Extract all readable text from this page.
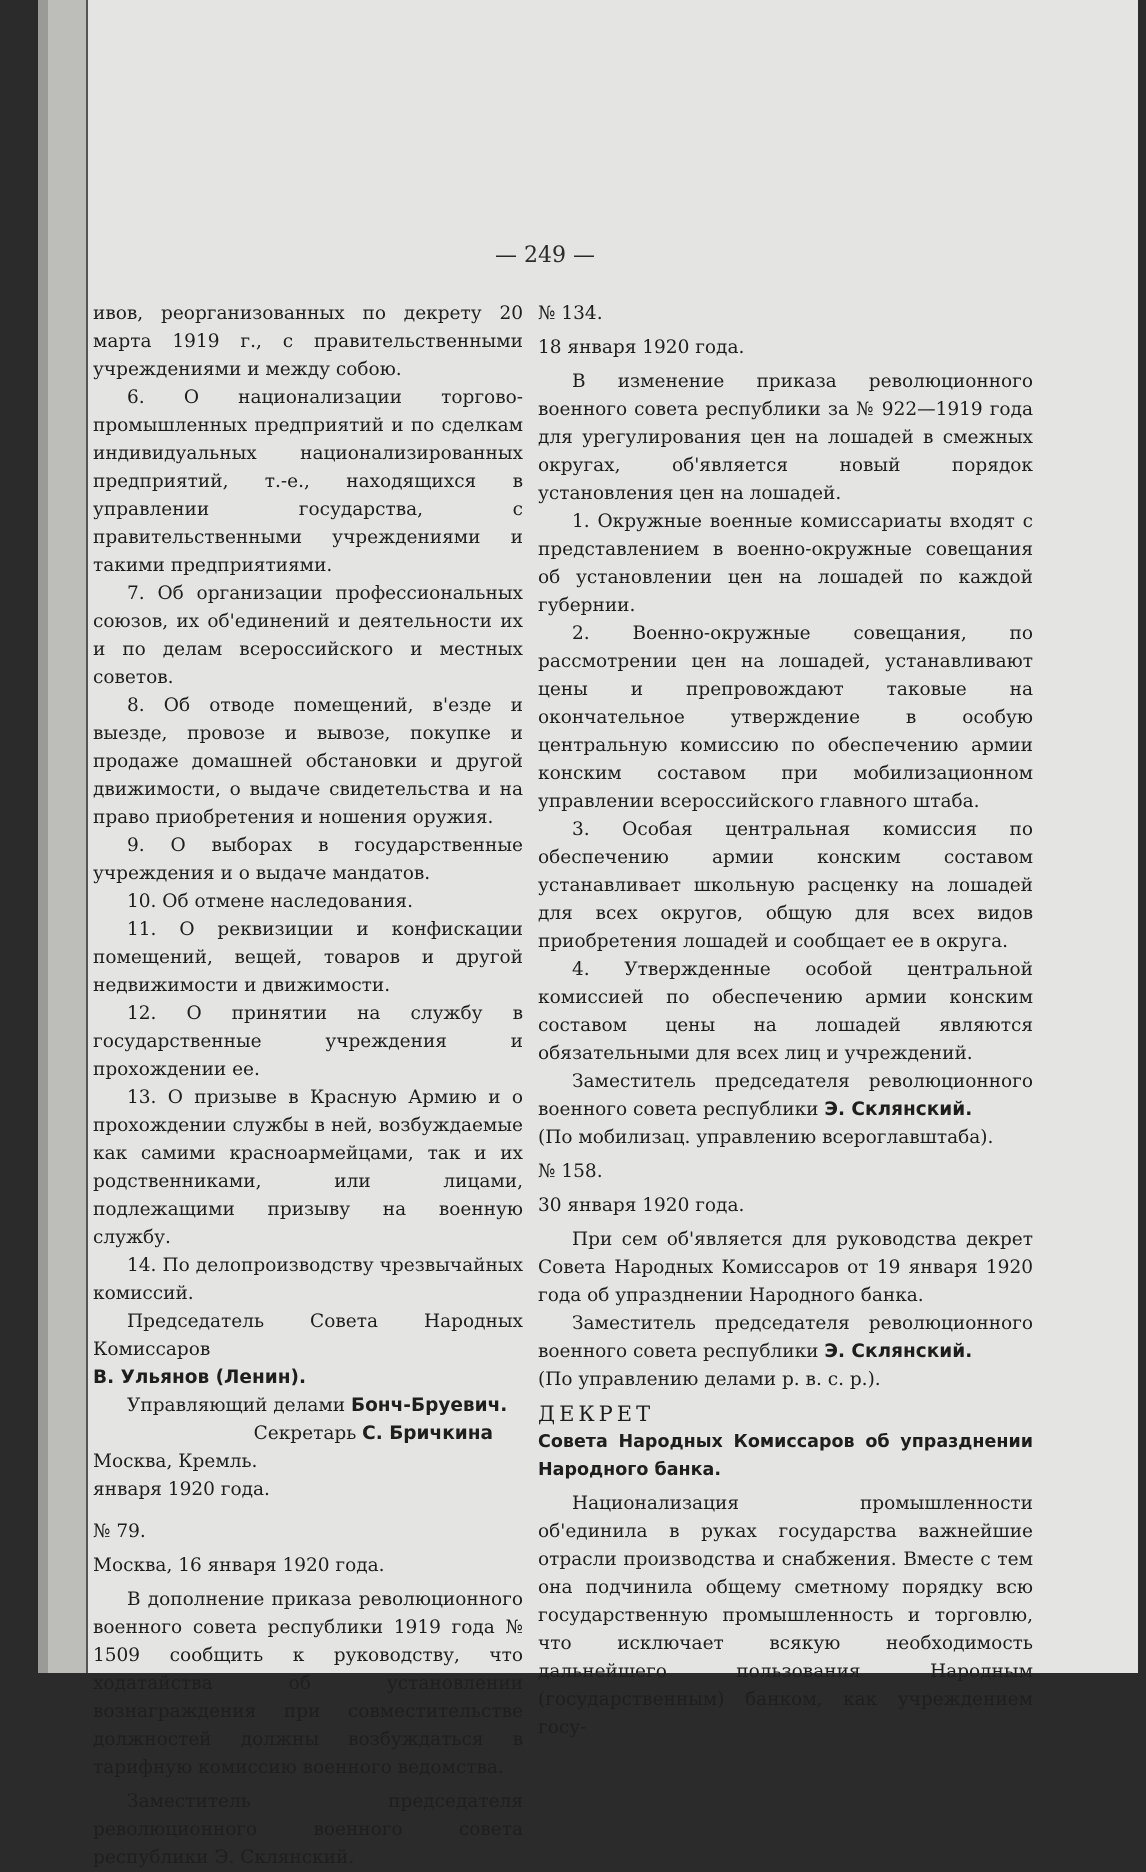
— 249 —

ивов, реорганизованных по декрету 20 марта 1919 г., с правительственными учреждениями и между собою.

6. О национализации торгово-промышленных предприятий и по сделкам индивидуальных национализированных предприятий, т.-е., находящихся в управлении государства, с правительственными учреждениями и такими предприятиями.

7. Об организации профессиональных союзов, их об'единений и деятельности их и по делам всероссийского и местных советов.

8. Об отводе помещений, в'езде и выезде, провозе и вывозе, покупке и продаже домашней обстановки и другой движимости, о выдаче свидетельства и на право приобретения и ношения оружия.

9. О выборах в государственные учреждения и о выдаче мандатов.

10. Об отмене наследования.

11. О реквизиции и конфискации помещений, вещей, товаров и другой недвижимости и движимости.

12. О принятии на службу в государственные учреждения и прохождении ее.

13. О призыве в Красную Армию и о прохождении службы в ней, возбуждаемые как самими красноармейцами, так и их родственниками, или лицами, подлежащими призыву на военную службу.

14. По делопроизводству чрезвычайных комиссий.

Председатель Совета Народных Комиссаров
В. Ульянов (Ленин).

Управляющий делами Бонч-Бруевич.

Секретарь С. Бричкина

Москва, Кремль.

января 1920 года.

№ 79.

Москва, 16 января 1920 года.

В дополнение приказа революционного военного совета республики 1919 года № 1509 сообщить к руководству, что ходатайства об установлении вознаграждения при совместительстве должностей должны возбуждаться в тарифную комиссию военного ведомства.

Заместитель председателя революционного военного совета республики Э. Склянский.

№ 134.

18 января 1920 года.

В изменение приказа революционного военного совета республики за № 922—1919 года для урегулирования цен на лошадей в смежных округах, об'является новый порядок установления цен на лошадей.

1. Окружные военные комиссариаты входят с представлением в военно-окружные совещания об установлении цен на лошадей по каждой губернии.

2. Военно-окружные совещания, по рассмотрении цен на лошадей, устанавливают цены и препровождают таковые на окончательное утверждение в особую центральную комиссию по обеспечению армии конским составом при мобилизационном управлении всероссийского главного штаба.

3. Особая центральная комиссия по обеспечению армии конским составом устанавливает школьную расценку на лошадей для всех округов, общую для всех видов приобретения лошадей и сообщает ее в округа.

4. Утвержденные особой центральной комиссией по обеспечению армии конским составом цены на лошадей являются обязательными для всех лиц и учреждений.

Заместитель председателя революционного военного совета республики Э. Склянский.

(По мобилизац. управлению всероглавштаба).

№ 158.

30 января 1920 года.

При сем об'является для руководства декрет Совета Народных Комиссаров от 19 января 1920 года об упразднении Народного банка.

Заместитель председателя революционного военного совета республики Э. Склянский.

(По управлению делами р. в. с. р.).

ДЕКРЕТ

Совета Народных Комиссаров об упразднении Народного банка.

Национализация промышленности об'единила в руках государства важнейшие отрасли производства и снабжения. Вместе с тем она подчинила общему сметному порядку всю государственную промышленность и торговлю, что исключает всякую необходимость дальнейшего пользования Народным (государственным) банком, как учреждением госу-
